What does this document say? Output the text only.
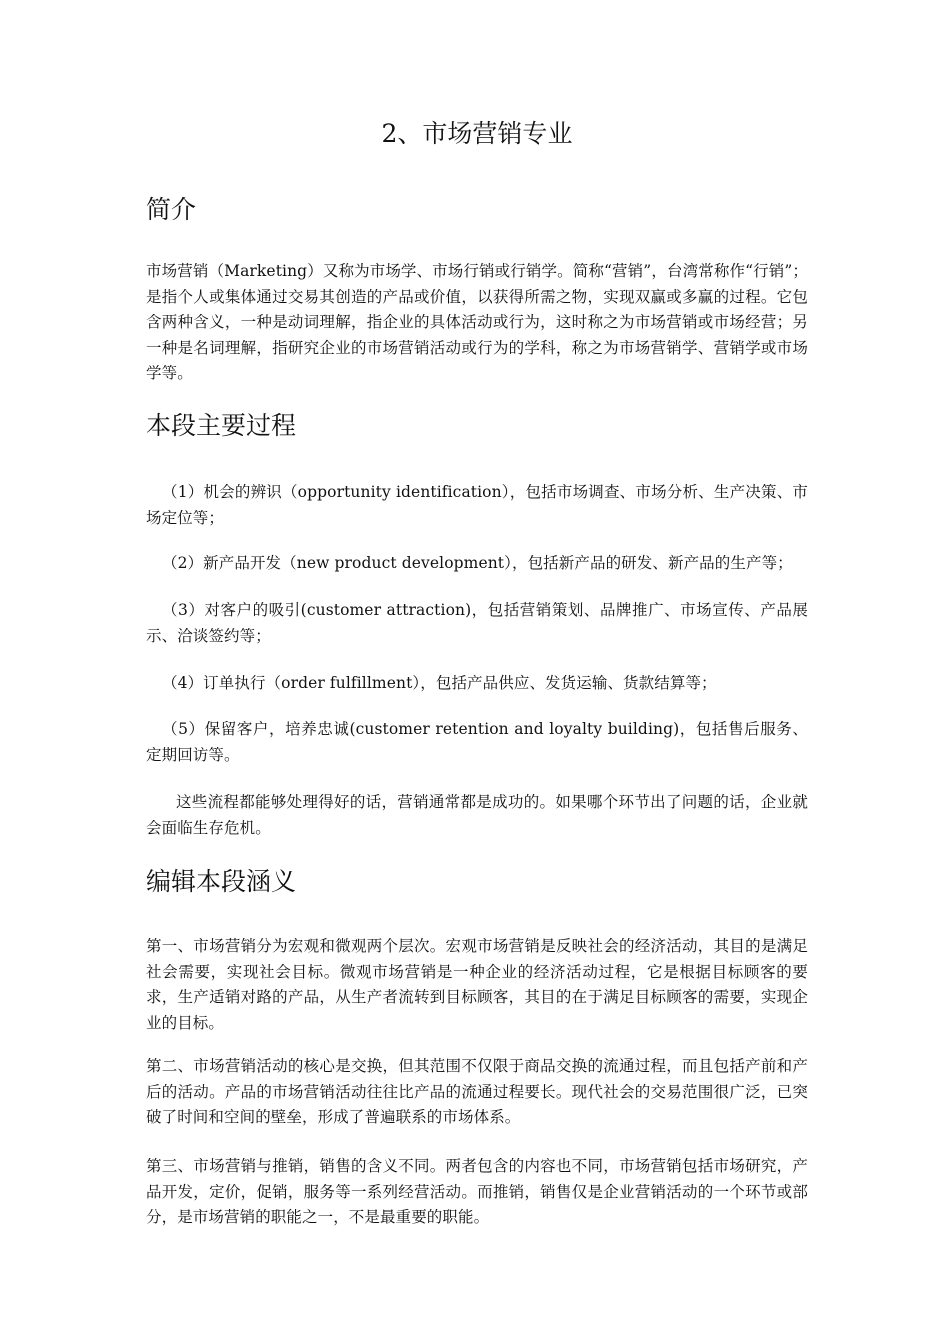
2、市场营销专业
简介

市场营销（Marketing）又称为市场学、市场行销或行销学。简称“营销”，台湾常称作“行销”；是指个人或集体通过交易其创造的产品或价值，以获得所需之物，实现双赢或多赢的过程。它包含两种含义，一种是动词理解，指企业的具体活动或行为，这时称之为市场营销或市场经营；另一种是名词理解，指研究企业的市场营销活动或行为的学科，称之为市场营销学、营销学或市场学等。

本段主要过程

（1）机会的辨识（opportunity identification），包括市场调查、市场分析、生产决策、市场定位等；

（2）新产品开发（new product development），包括新产品的研发、新产品的生产等；

（3）对客户的吸引(customer attraction)，包括营销策划、品牌推广、市场宣传、产品展示、洽谈签约等；

（4）订单执行（order fulfillment），包括产品供应、发货运输、货款结算等；

（5）保留客户，培养忠诚(customer retention and loyalty building)，包括售后服务、定期回访等。

这些流程都能够处理得好的话，营销通常都是成功的。如果哪个环节出了问题的话，企业就会面临生存危机。

编辑本段涵义

第一、市场营销分为宏观和微观两个层次。宏观市场营销是反映社会的经济活动，其目的是满足社会需要，实现社会目标。微观市场营销是一种企业的经济活动过程，它是根据目标顾客的要求，生产适销对路的产品，从生产者流转到目标顾客，其目的在于满足目标顾客的需要，实现企业的目标。

第二、市场营销活动的核心是交换，但其范围不仅限于商品交换的流通过程，而且包括产前和产后的活动。产品的市场营销活动往往比产品的流通过程要长。现代社会的交易范围很广泛，已突破了时间和空间的壁垒，形成了普遍联系的市场体系。

第三、市场营销与推销，销售的含义不同。两者包含的内容也不同，市场营销包括市场研究，产品开发，定价，促销，服务等一系列经营活动。而推销，销售仅是企业营销活动的一个环节或部分，是市场营销的职能之一，不是最重要的职能。
